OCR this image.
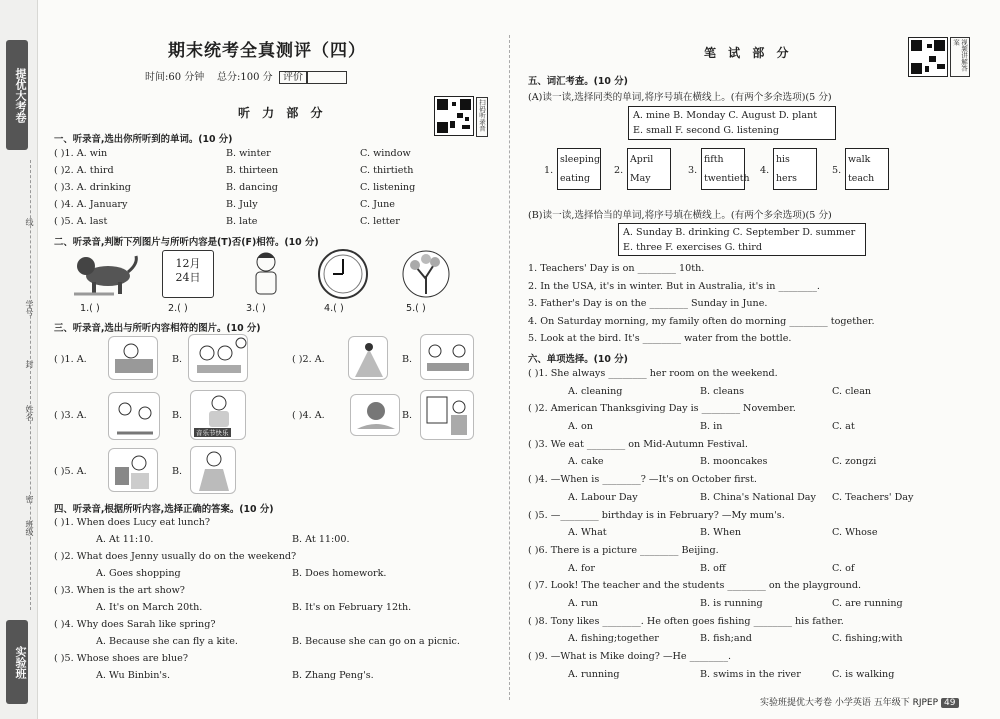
提优大考卷
实验班
学号
线
姓名
封
班级
密
期末统考全真测评（四）
时间:60 分钟 总分:100 分 评价
听 力 部 分	扫码听录音
一、听录音,选出你所听到的单词。(10 分)
( )1. A. win	B. winter	C. window
( )2. A. third	B. thirteen	C. thirtieth
( )3. A. drinking	B. dancing	C. listening
( )4. A. January	B. July	C. June
( )5. A. last	B. late	C. letter
二、听录音,判断下列图片与所听内容是(T)否(F)相符。(10 分)
12月
24日
1.( )	2.( )	3.( )	4.( )	5.( )
三、听录音,选出与所听内容相符的图片。(10 分)
( )1. A.	B.	( )2. A.	B.
( )3. A.	B.
音乐节快乐
( )4. A.	B.
( )5. A.	B.
四、听录音,根据所听内容,选择正确的答案。(10 分)
( )1. When does Lucy eat lunch?
A. At 11:10.	B. At 11:00.
( )2. What does Jenny usually do on the weekend?
A. Goes shopping	B. Does homework.
( )3. When is the art show?
A. It's on March 20th.	B. It's on February 12th.
( )4. Why does Sarah like spring?
A. Because she can fly a kite.	B. Because she can go on a picnic.
( )5. Whose shoes are blue?
A. Wu Binbin's.	B. Zhang Peng's.
笔 试 部 分	视频讲解答案
五、词汇考查。(10 分)
(A)读一读,选择同类的单词,将序号填在横线上。(有两个多余选项)(5 分)
A. mine B. Monday C. August D. plant
E. small F. second G. listening
1.
sleeping
eating
2.
April
May
3.
fifth
twentieth
4.
his
hers
5.
walk
teach
(B)读一读,选择恰当的单词,将序号填在横线上。(有两个多余选项)(5 分)
A. Sunday B. drinking C. September D. summer
E. three F. exercises G. third
1. Teachers' Day is on ________ 10th.
2. In the USA, it's in winter. But in Australia, it's in ________.
3. Father's Day is on the ________ Sunday in June.
4. On Saturday morning, my family often do morning ________ together.
5. Look at the bird. It's ________ water from the bottle.
六、单项选择。(10 分)
( )1. She always ________ her room on the weekend.
A. cleaning	B. cleans	C. clean
( )2. American Thanksgiving Day is ________ November.
A. on	B. in	C. at
( )3. We eat ________ on Mid-Autumn Festival.
A. cake	B. mooncakes	C. zongzi
( )4. —When is ________? —It's on October first.
A. Labour Day	B. China's National Day C. Teachers' Day
( )5. —________ birthday is in February? —My mum's.
A. What	B. When	C. Whose
( )6. There is a picture ________ Beijing.
A. for	B. off	C. of
( )7. Look! The teacher and the students ________ on the playground.
A. run	B. is running	C. are running
( )8. Tony likes ________. He often goes fishing ________ his father.
A. fishing;together	B. fish;and	C. fishing;with
( )9. —What is Mike doing? —He ________.
A. running	B. swims in the river	C. is walking
实验班提优大考卷 小学英语 五年级下 RJPEP 49
